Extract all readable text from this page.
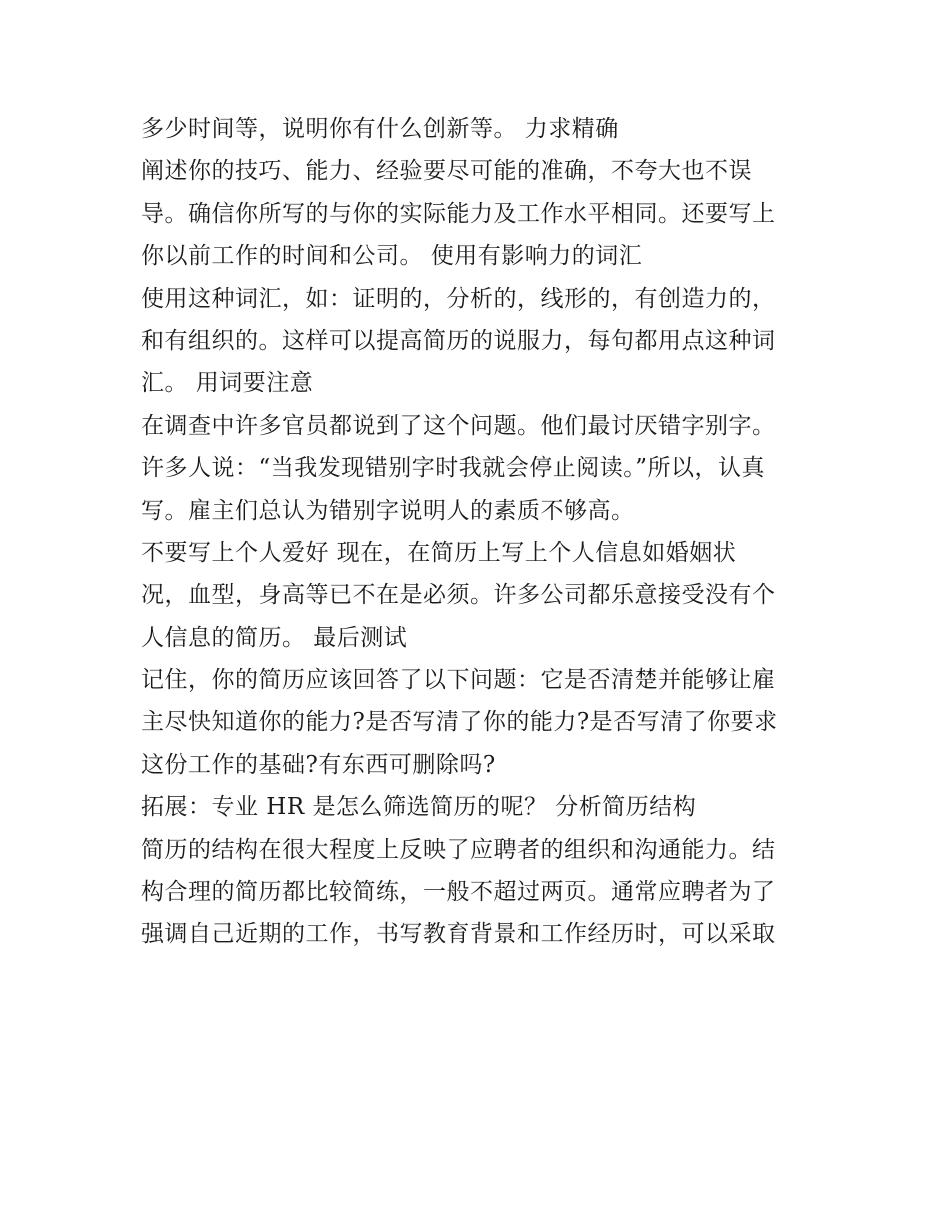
多少时间等，说明你有什么创新等。 力求精确
阐述你的技巧、能力、经验要尽可能的准确，不夸大也不误
导。确信你所写的与你的实际能力及工作水平相同。还要写上
你以前工作的时间和公司。 使用有影响力的词汇
使用这种词汇，如：证明的，分析的，线形的，有创造力的，
和有组织的。这样可以提高简历的说服力，每句都用点这种词
汇。 用词要注意
在调查中许多官员都说到了这个问题。他们最讨厌错字别字。
许多人说：“当我发现错别字时我就会停止阅读。”所以，认真
写。雇主们总认为错别字说明人的素质不够高。
不要写上个人爱好 现在，在简历上写上个人信息如婚姻状
况，血型，身高等已不在是必须。许多公司都乐意接受没有个
人信息的简历。 最后测试
记住，你的简历应该回答了以下问题：它是否清楚并能够让雇
主尽快知道你的能力?是否写清了你的能力?是否写清了你要求
这份工作的基础?有东西可删除吗?
拓展：专业 HR 是怎么筛选简历的呢？ 分析简历结构
简历的结构在很大程度上反映了应聘者的组织和沟通能力。结
构合理的简历都比较简练，一般不超过两页。通常应聘者为了
强调自己近期的工作，书写教育背景和工作经历时，可以采取
